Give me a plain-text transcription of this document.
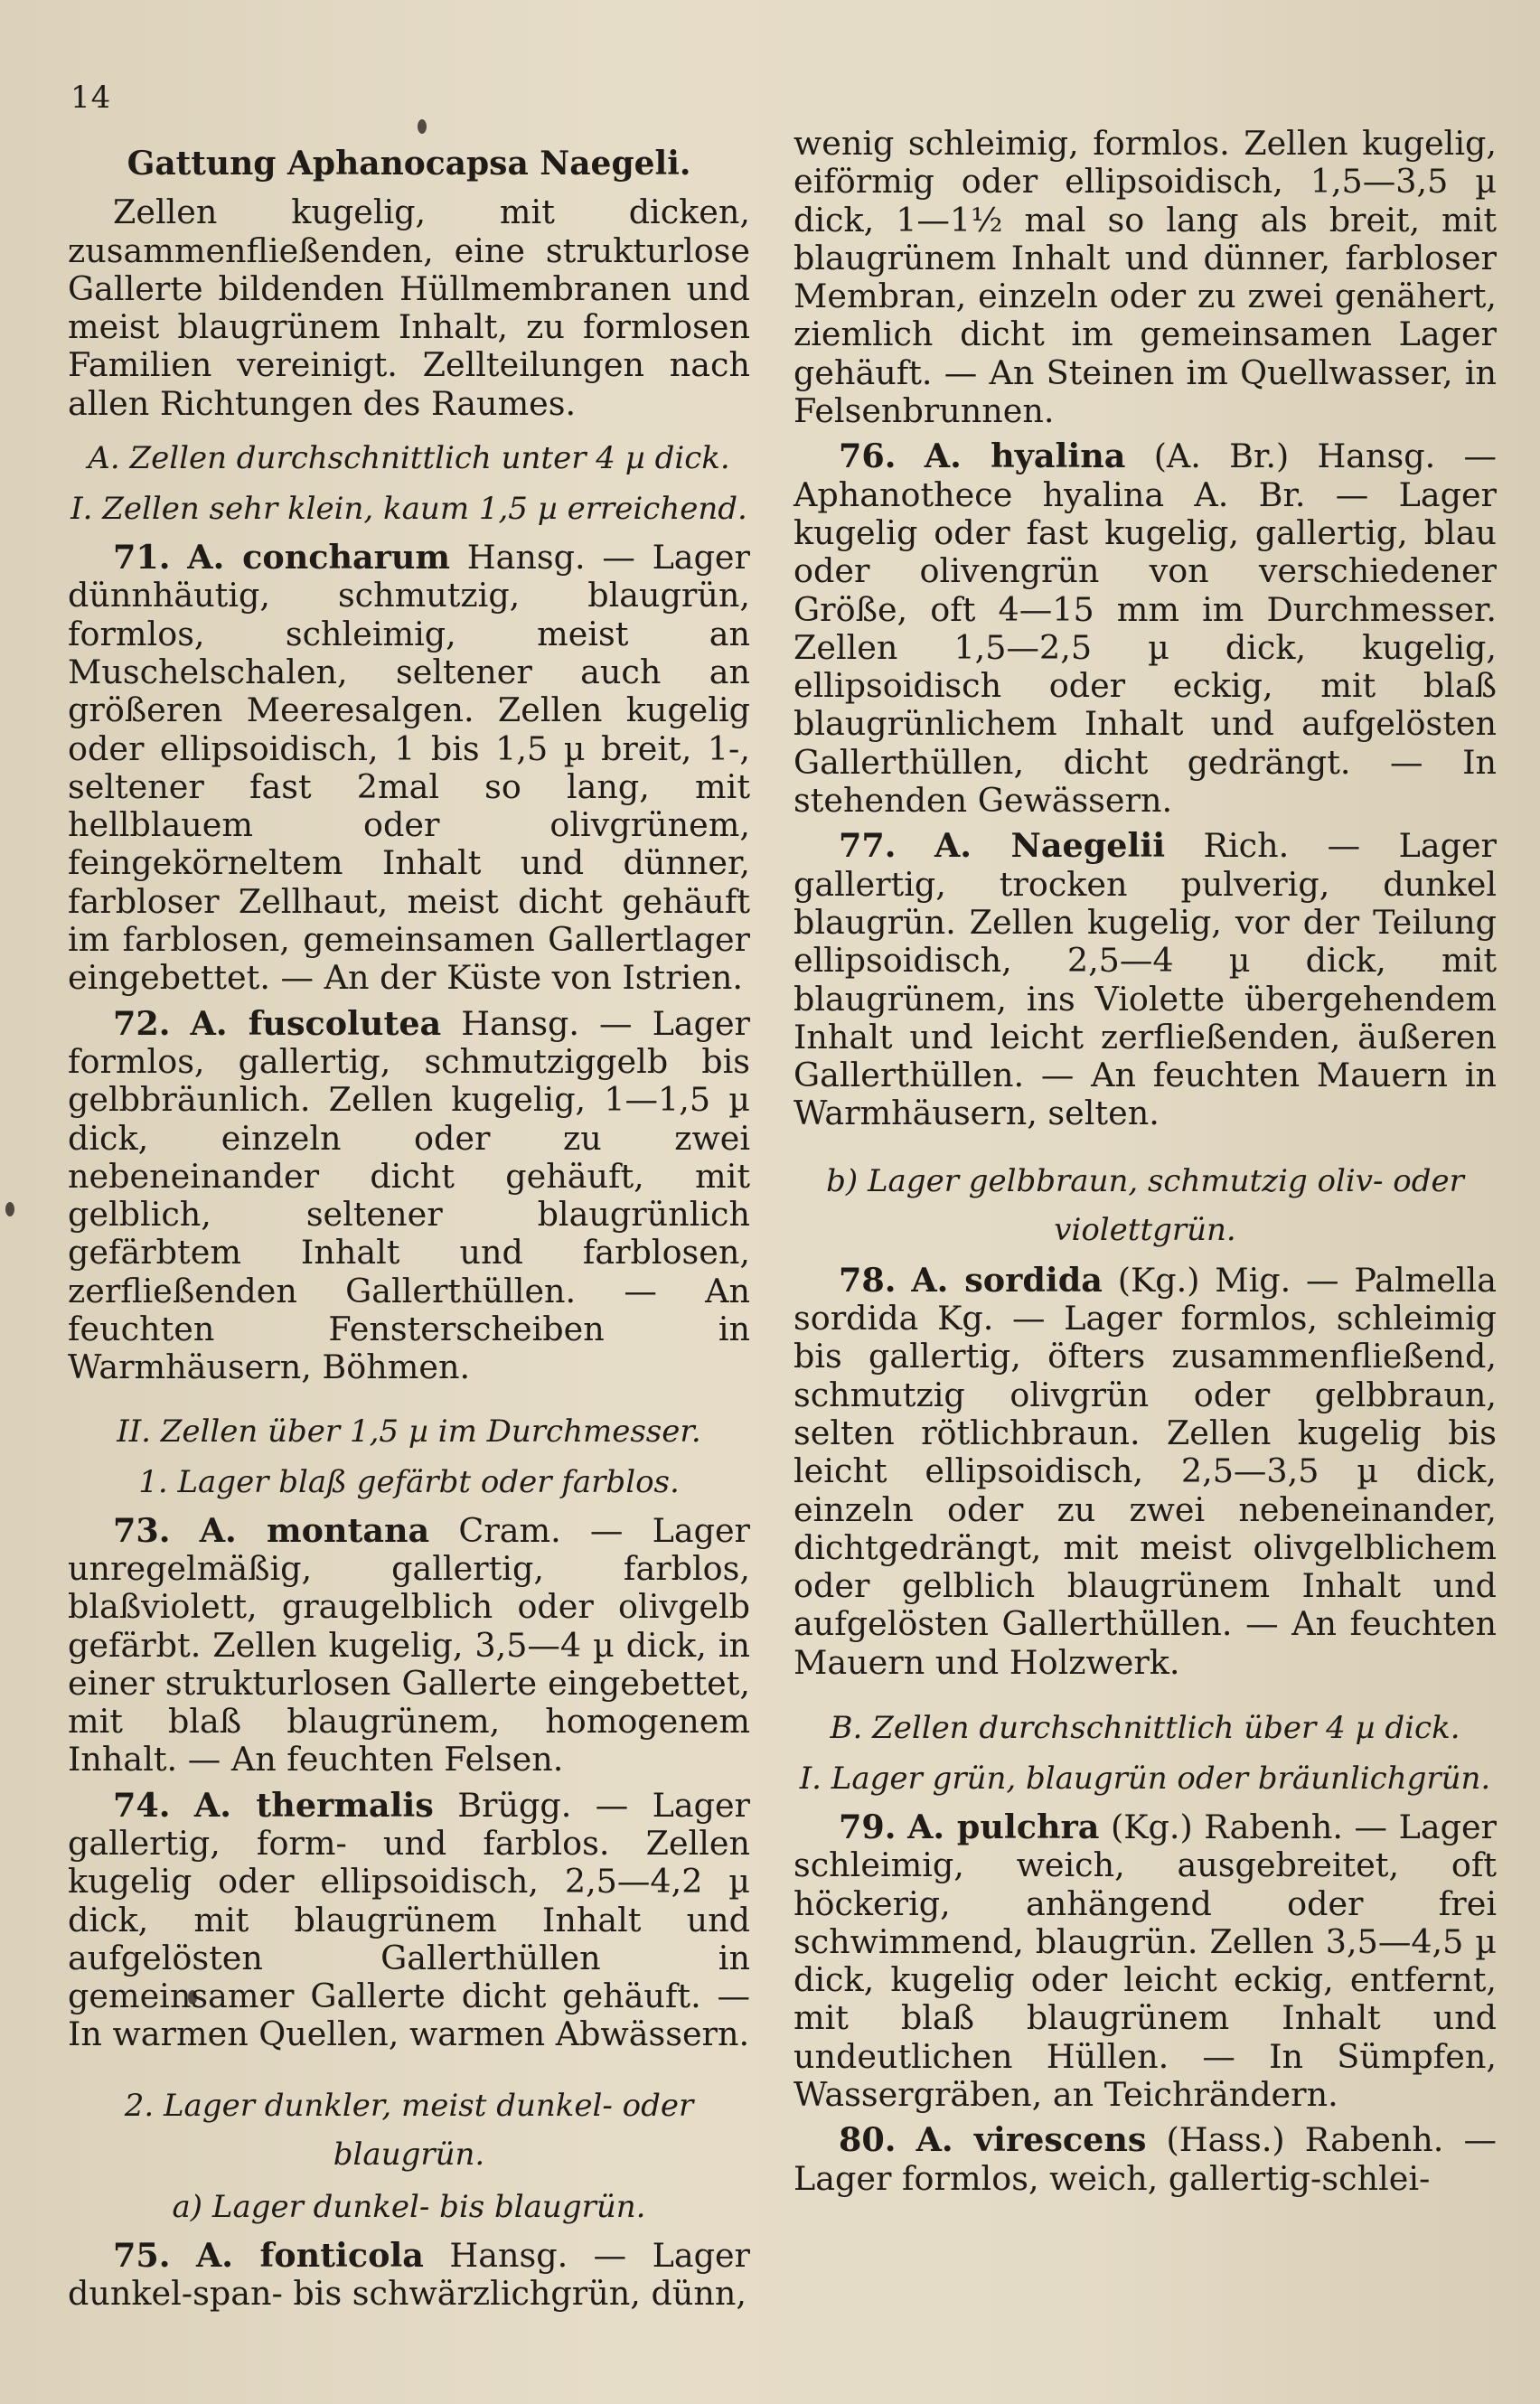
14

Gattung Aphanocapsa Naegeli.

Zellen kugelig, mit dicken, zusammenfließenden, eine strukturlose Gallerte bildenden Hüllmembranen und meist blaugrünem Inhalt, zu formlosen Familien vereinigt. Zellteilungen nach allen Richtungen des Raumes.

A. Zellen durchschnittlich unter 4 µ dick.

I. Zellen sehr klein, kaum 1,5 µ erreichend.

71. A. concharum Hansg. — Lager dünnhäutig, schmutzig, blaugrün, formlos, schleimig, meist an Muschelschalen, seltener auch an größeren Meeresalgen. Zellen kugelig oder ellipsoidisch, 1 bis 1,5 µ breit, 1-, seltener fast 2mal so lang, mit hellblauem oder olivgrünem, feingekörneltem Inhalt und dünner, farbloser Zellhaut, meist dicht gehäuft im farblosen, gemeinsamen Gallertlager eingebettet. — An der Küste von Istrien.

72. A. fuscolutea Hansg. — Lager formlos, gallertig, schmutziggelb bis gelbbräunlich. Zellen kugelig, 1—1,5 µ dick, einzeln oder zu zwei nebeneinander dicht gehäuft, mit gelblich, seltener blaugrünlich gefärbtem Inhalt und farblosen, zerfließenden Gallerthüllen. — An feuchten Fensterscheiben in Warmhäusern, Böhmen.

II. Zellen über 1,5 µ im Durchmesser.

1. Lager blaß gefärbt oder farblos.

73. A. montana Cram. — Lager unregelmäßig, gallertig, farblos, blaßviolett, graugelblich oder olivgelb gefärbt. Zellen kugelig, 3,5—4 µ dick, in einer strukturlosen Gallerte eingebettet, mit blaß blaugrünem, homogenem Inhalt. — An feuchten Felsen.

74. A. thermalis Brügg. — Lager gallertig, form- und farblos. Zellen kugelig oder ellipsoidisch, 2,5—4,2 µ dick, mit blaugrünem Inhalt und aufgelösten Gallerthüllen in gemeinsamer Gallerte dicht gehäuft. — In warmen Quellen, warmen Abwässern.

2. Lager dunkler, meist dunkel- oder blaugrün.

a) Lager dunkel- bis blaugrün.

75. A. fonticola Hansg. — Lager dunkel-span- bis schwärzlichgrün, dünn,

wenig schleimig, formlos. Zellen kugelig, eiförmig oder ellipsoidisch, 1,5—3,5 µ dick, 1—1½ mal so lang als breit, mit blaugrünem Inhalt und dünner, farbloser Membran, einzeln oder zu zwei genähert, ziemlich dicht im gemeinsamen Lager gehäuft. — An Steinen im Quellwasser, in Felsenbrunnen.

76. A. hyalina (A. Br.) Hansg. — Aphanothece hyalina A. Br. — Lager kugelig oder fast kugelig, gallertig, blau oder olivengrün von verschiedener Größe, oft 4—15 mm im Durchmesser. Zellen 1,5—2,5 µ dick, kugelig, ellipsoidisch oder eckig, mit blaß blaugrünlichem Inhalt und aufgelösten Gallerthüllen, dicht gedrängt. — In stehenden Gewässern.

77. A. Naegelii Rich. — Lager gallertig, trocken pulverig, dunkel blaugrün. Zellen kugelig, vor der Teilung ellipsoidisch, 2,5—4 µ dick, mit blaugrünem, ins Violette übergehendem Inhalt und leicht zerfließenden, äußeren Gallerthüllen. — An feuchten Mauern in Warmhäusern, selten.

b) Lager gelbbraun, schmutzig oliv- oder violettgrün.

78. A. sordida (Kg.) Mig. — Palmella sordida Kg. — Lager formlos, schleimig bis gallertig, öfters zusammenfließend, schmutzig olivgrün oder gelbbraun, selten rötlichbraun. Zellen kugelig bis leicht ellipsoidisch, 2,5—3,5 µ dick, einzeln oder zu zwei nebeneinander, dichtgedrängt, mit meist olivgelblichem oder gelblich blaugrünem Inhalt und aufgelösten Gallerthüllen. — An feuchten Mauern und Holzwerk.

B. Zellen durchschnittlich über 4 µ dick.

I. Lager grün, blaugrün oder bräunlichgrün.

79. A. pulchra (Kg.) Rabenh. — Lager schleimig, weich, ausgebreitet, oft höckerig, anhängend oder frei schwimmend, blaugrün. Zellen 3,5—4,5 µ dick, kugelig oder leicht eckig, entfernt, mit blaß blaugrünem Inhalt und undeutlichen Hüllen. — In Sümpfen, Wassergräben, an Teichrändern.

80. A. virescens (Hass.) Rabenh. — Lager formlos, weich, gallertig-schlei-
